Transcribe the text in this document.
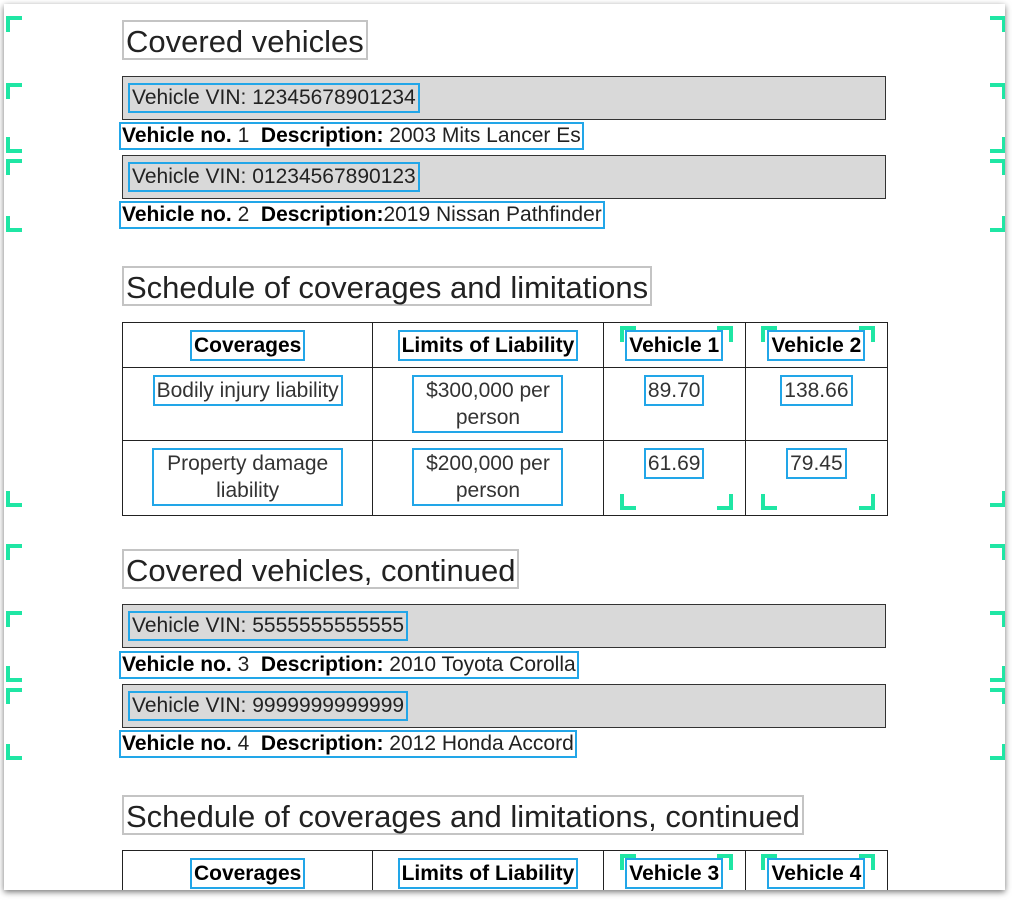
Covered vehicles
Vehicle VIN: 12345678901234
Vehicle no. 1 Description: 2003 Mits Lancer Es
Vehicle VIN: 01234567890123
Vehicle no. 2 Description:2019 Nissan Pathfinder
Schedule of coverages and limitations
Coverages	Limits of Liability	Vehicle 1	Vehicle 2
Bodily injury liability	$300,000 per person	89.70	138.66
Property damage liability	$200,000 per person	61.69	79.45
Covered vehicles, continued
Vehicle VIN: 5555555555555
Vehicle no. 3 Description: 2010 Toyota Corolla
Vehicle VIN: 9999999999999
Vehicle no. 4 Description: 2012 Honda Accord
Schedule of coverages and limitations, continued
Coverages	Limits of Liability	Vehicle 3	Vehicle 4
